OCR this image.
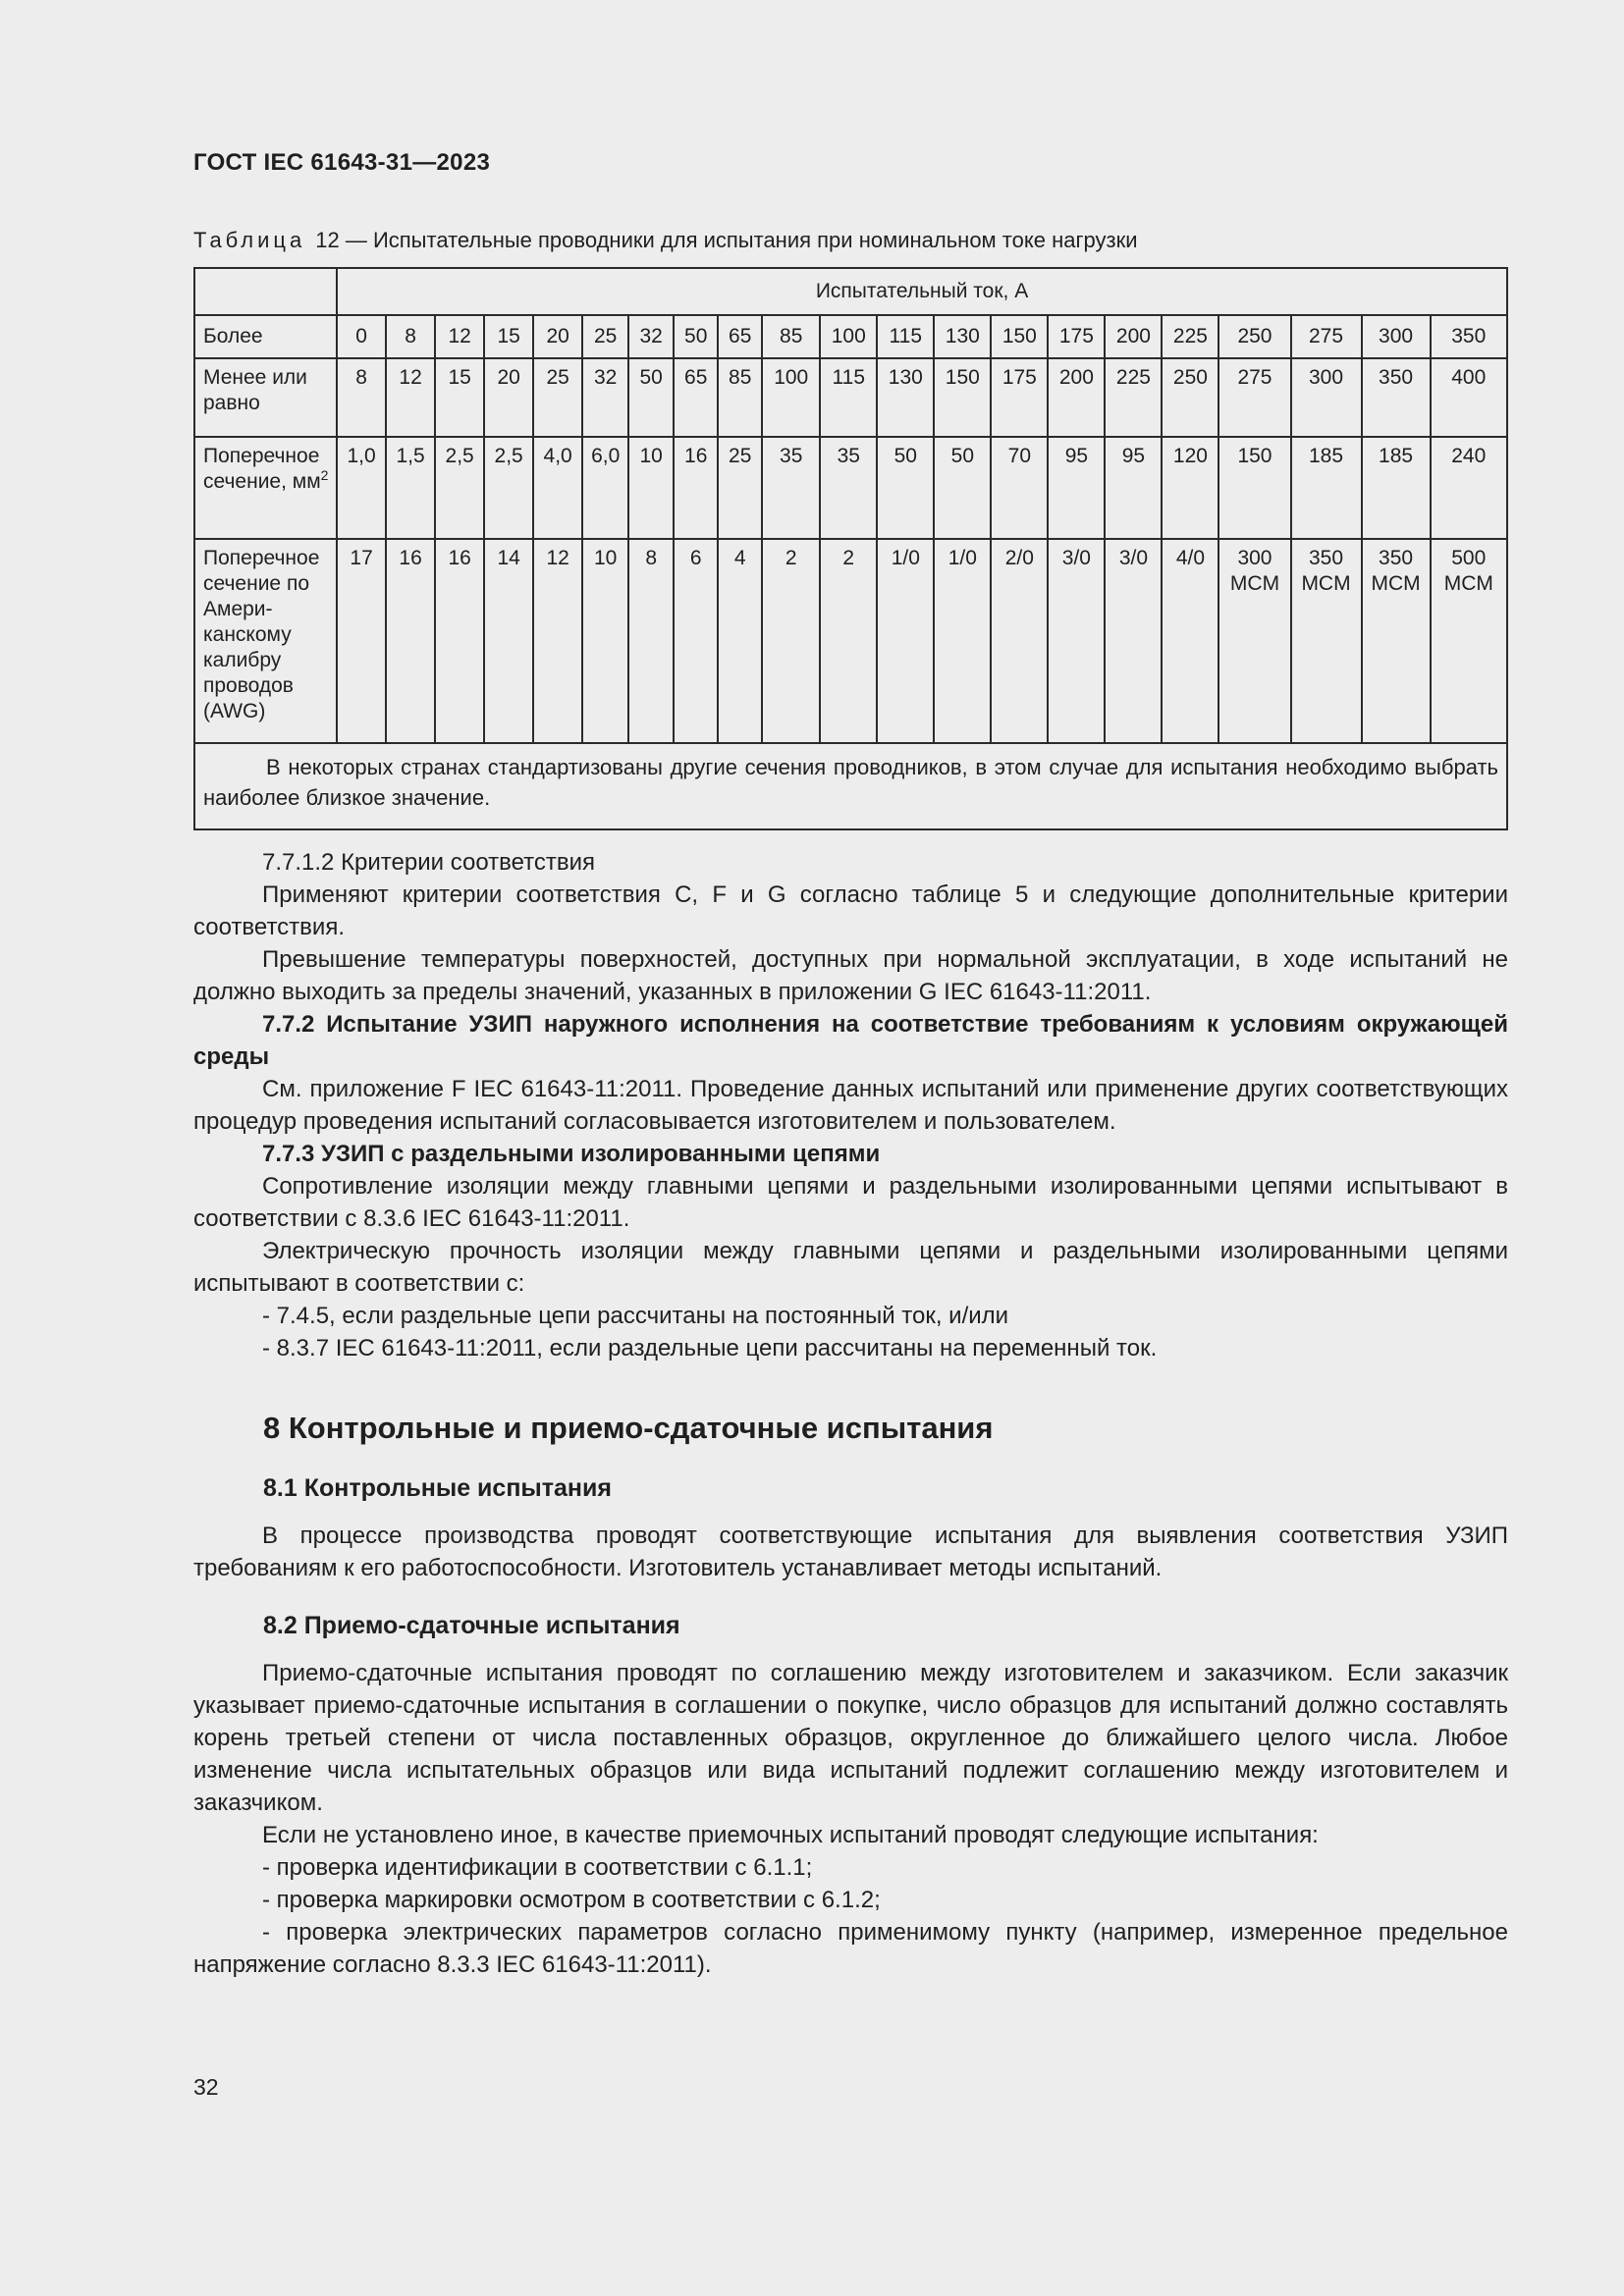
ГОСТ IEC 61643-31—2023
Таблица 12 — Испытательные проводники для испытания при номинальном токе нагрузки
	Испытательный ток, А																				
Более	0	8	12	15	20	25	32	50	65	85	100	115	130	150	175	200	225	250	275	300	350
Менее или равно	8	12	15	20	25	32	50	65	85	100	115	130	150	175	200	225	250	275	300	350	400
Поперечное сечение, $мм^2$	1,0	1,5	2,5	2,5	4,0	6,0	10	16	25	35	35	50	50	70	95	95	120	150	185	185	240
Поперечное сечение по Амери-канскому калибру проводов (AWG)	17	16	16	14	12	10	8	6	4	2	2	1/0	1/0	2/0	3/0	3/0	4/0	300 MCM	350 MCM	350 MCM	500 MCM

В некоторых странах стандартизованы другие сечения проводников, в этом случае для испытания необходимо выбрать наиболее близкое значение.																					

7.7.1.2 Критерии соответствия

Применяют критерии соответствия C, F и G согласно таблице 5 и следующие дополнительные критерии соответствия.

Превышение температуры поверхностей, доступных при нормальной эксплуатации, в ходе испытаний не должно выходить за пределы значений, указанных в приложении G IEC 61643-11:2011.

7.7.2 Испытание УЗИП наружного исполнения на соответствие требованиям к условиям окружающей среды

См. приложение F IEC 61643-11:2011. Проведение данных испытаний или применение других соответствующих процедур проведения испытаний согласовывается изготовителем и пользователем.

7.7.3 УЗИП с раздельными изолированными цепями

Сопротивление изоляции между главными цепями и раздельными изолированными цепями испытывают в соответствии с 8.3.6 IEC 61643-11:2011.

Электрическую прочность изоляции между главными цепями и раздельными изолированными цепями испытывают в соответствии с:

- 7.4.5, если раздельные цепи рассчитаны на постоянный ток, и/или

- 8.3.7 IEC 61643-11:2011, если раздельные цепи рассчитаны на переменный ток.

8 Контрольные и приемо-сдаточные испытания
8.1 Контрольные испытания

В процессе производства проводят соответствующие испытания для выявления соответствия УЗИП требованиям к его работоспособности. Изготовитель устанавливает методы испытаний.

8.2 Приемо-сдаточные испытания

Приемо-сдаточные испытания проводят по соглашению между изготовителем и заказчиком. Если заказчик указывает приемо-сдаточные испытания в соглашении о покупке, число образцов для испытаний должно составлять корень третьей степени от числа поставленных образцов, округленное до ближайшего целого числа. Любое изменение числа испытательных образцов или вида испытаний подлежит соглашению между изготовителем и заказчиком.

Если не установлено иное, в качестве приемочных испытаний проводят следующие испытания:

- проверка идентификации в соответствии с 6.1.1;

- проверка маркировки осмотром в соответствии с 6.1.2;

- проверка электрических параметров согласно применимому пункту (например, измеренное предельное напряжение согласно 8.3.3 IEC 61643-11:2011).

32
